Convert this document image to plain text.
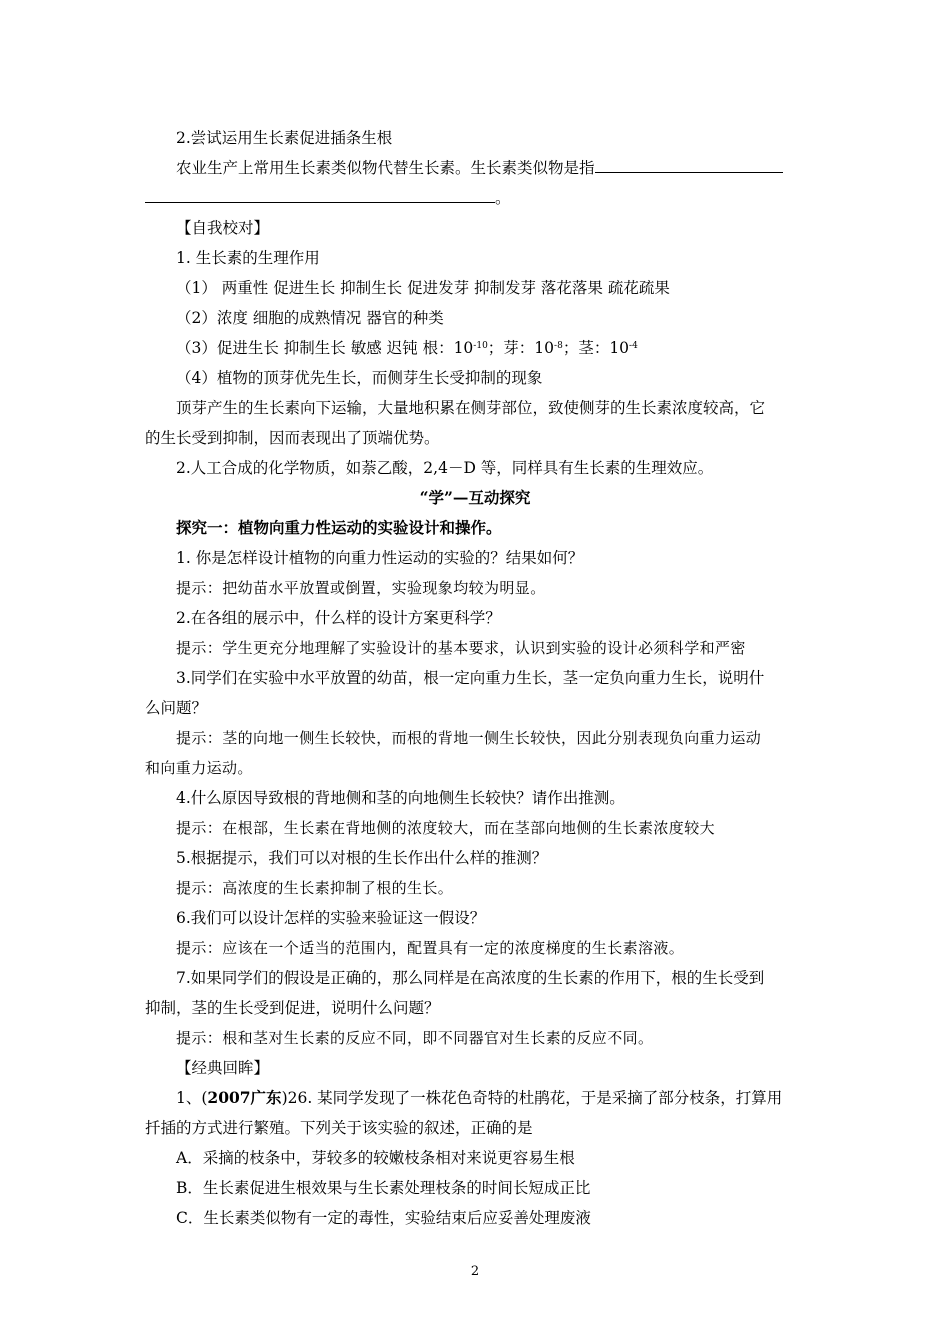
2.尝试运用生长素促进插条生根
农业生产上常用生长素类似物代替生长素。生长素类似物是指
。
【自我校对】
1. 生长素的生理作用
（1） 两重性 促进生长 抑制生长 促进发芽 抑制发芽 落花落果 疏花疏果
（2）浓度 细胞的成熟情况 器官的种类
（3）促进生长 抑制生长 敏感 迟钝 根：$10^{-10}$；芽：$10^{-8}$；茎：$10^{-4}$
（4）植物的顶芽优先生长，而侧芽生长受抑制的现象
顶芽产生的生长素向下运输，大量地积累在侧芽部位，致使侧芽的生长素浓度较高，它
的生长受到抑制，因而表现出了顶端优势。
2.人工合成的化学物质，如萘乙酸，2,4－D 等，同样具有生长素的生理效应。
“学”—互动探究
探究一：植物向重力性运动的实验设计和操作。
1. 你是怎样设计植物的向重力性运动的实验的？结果如何？
提示：把幼苗水平放置或倒置，实验现象均较为明显。
2.在各组的展示中，什么样的设计方案更科学？
提示：学生更充分地理解了实验设计的基本要求，认识到实验的设计必须科学和严密
3.同学们在实验中水平放置的幼苗，根一定向重力生长，茎一定负向重力生长，说明什
么问题？
提示：茎的向地一侧生长较快，而根的背地一侧生长较快，因此分别表现负向重力运动
和向重力运动。
4.什么原因导致根的背地侧和茎的向地侧生长较快？请作出推测。
提示：在根部，生长素在背地侧的浓度较大，而在茎部向地侧的生长素浓度较大
5.根据提示，我们可以对根的生长作出什么样的推测？
提示：高浓度的生长素抑制了根的生长。
6.我们可以设计怎样的实验来验证这一假设？
提示：应该在一个适当的范围内，配置具有一定的浓度梯度的生长素溶液。
7.如果同学们的假设是正确的，那么同样是在高浓度的生长素的作用下，根的生长受到
抑制，茎的生长受到促进，说明什么问题？
提示：根和茎对生长素的反应不同，即不同器官对生长素的反应不同。
【经典回眸】
1、(2007广东)26. 某同学发现了一株花色奇特的杜鹃花，于是采摘了部分枝条，打算用
扦插的方式进行繁殖。下列关于该实验的叙述，正确的是
A．采摘的枝条中，芽较多的较嫩枝条相对来说更容易生根
B．生长素促进生根效果与生长素处理枝条的时间长短成正比
C．生长素类似物有一定的毒性，实验结束后应妥善处理废液
2
